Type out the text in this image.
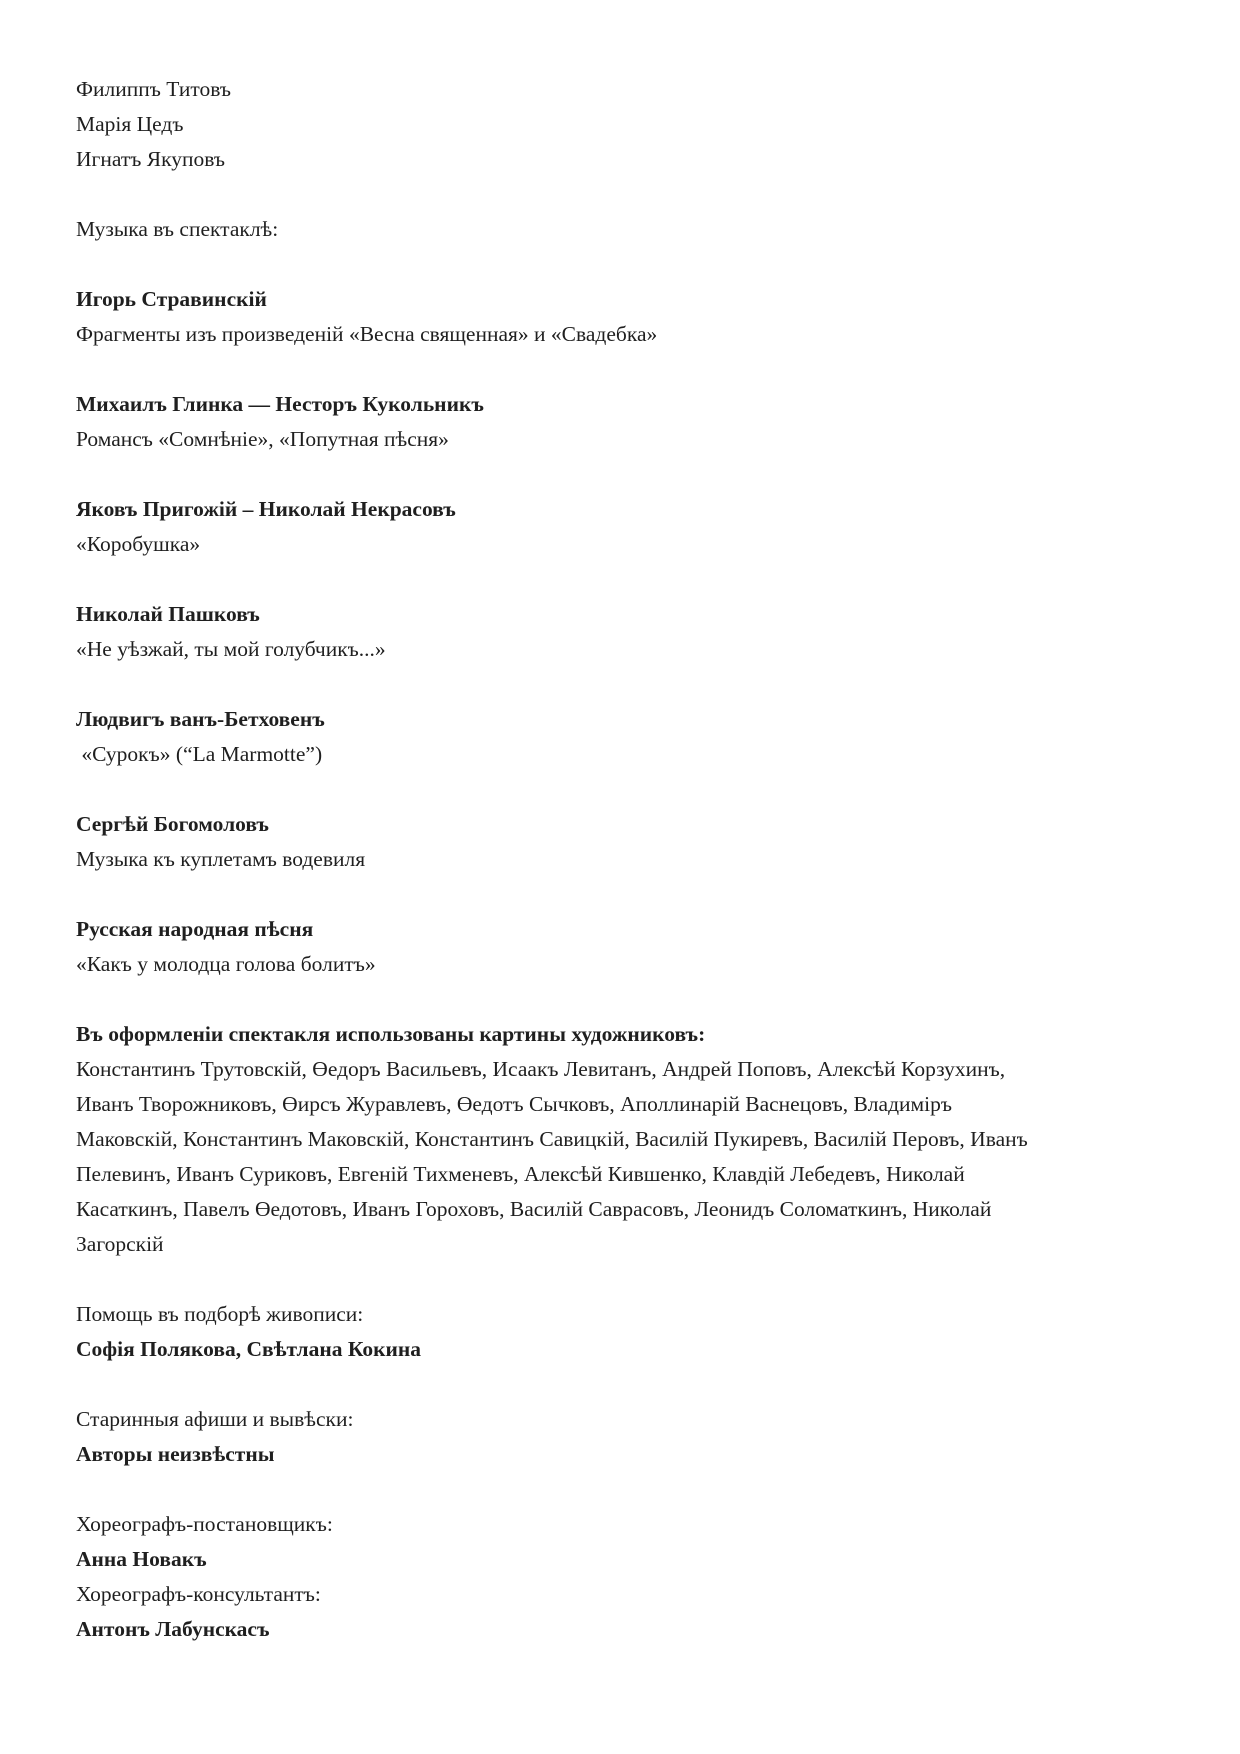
Филиппъ Титовъ
Марія Цедъ
Игнатъ Якуповъ
Музыка въ спектаклѣ:
Игорь Стравинскій
Фрагменты изъ произведеній «Весна священная» и «Свадебка»
Михаилъ Глинка — Несторъ Кукольникъ
Романсъ «Сомнѣніе», «Попутная пѣсня»
Яковъ Пригожій – Николай Некрасовъ
«Коробушка»
Николай Пашковъ
«Не уѣзжай, ты мой голубчикъ...»
Людвигъ ванъ-Бетховенъ
«Сурокъ» (“La Marmotte”)
Сергѣй Богомоловъ
Музыка къ куплетамъ водевиля
Русская народная пѣсня
«Какъ у молодца голова болитъ»
Въ оформленіи спектакля использованы картины художниковъ:
Константинъ Трутовскій, Өедоръ Васильевъ, Исаакъ Левитанъ, Андрей Поповъ, Алексѣй Корзухинъ,
Иванъ Творожниковъ, Өирсъ Журавлевъ, Өедотъ Сычковъ, Аполлинарій Васнецовъ, Владиміръ
Маковскій, Константинъ Маковскій, Константинъ Савицкій, Василій Пукиревъ, Василій Перовъ, Иванъ
Пелевинъ, Иванъ Суриковъ, Евгеній Тихменевъ, Алексѣй Кившенко, Клавдій Лебедевъ, Николай
Касаткинъ, Павелъ Өедотовъ, Иванъ Гороховъ, Василій Саврасовъ, Леонидъ Соломаткинъ, Николай
Загорскій
Помощь въ подборѣ живописи:
Софія Полякова, Свѣтлана Кокина
Старинныя афиши и вывѣски:
Авторы неизвѣстны
Хореографъ-постановщикъ:
Анна Новакъ
Хореографъ-консультантъ:
Антонъ Лабунскасъ
